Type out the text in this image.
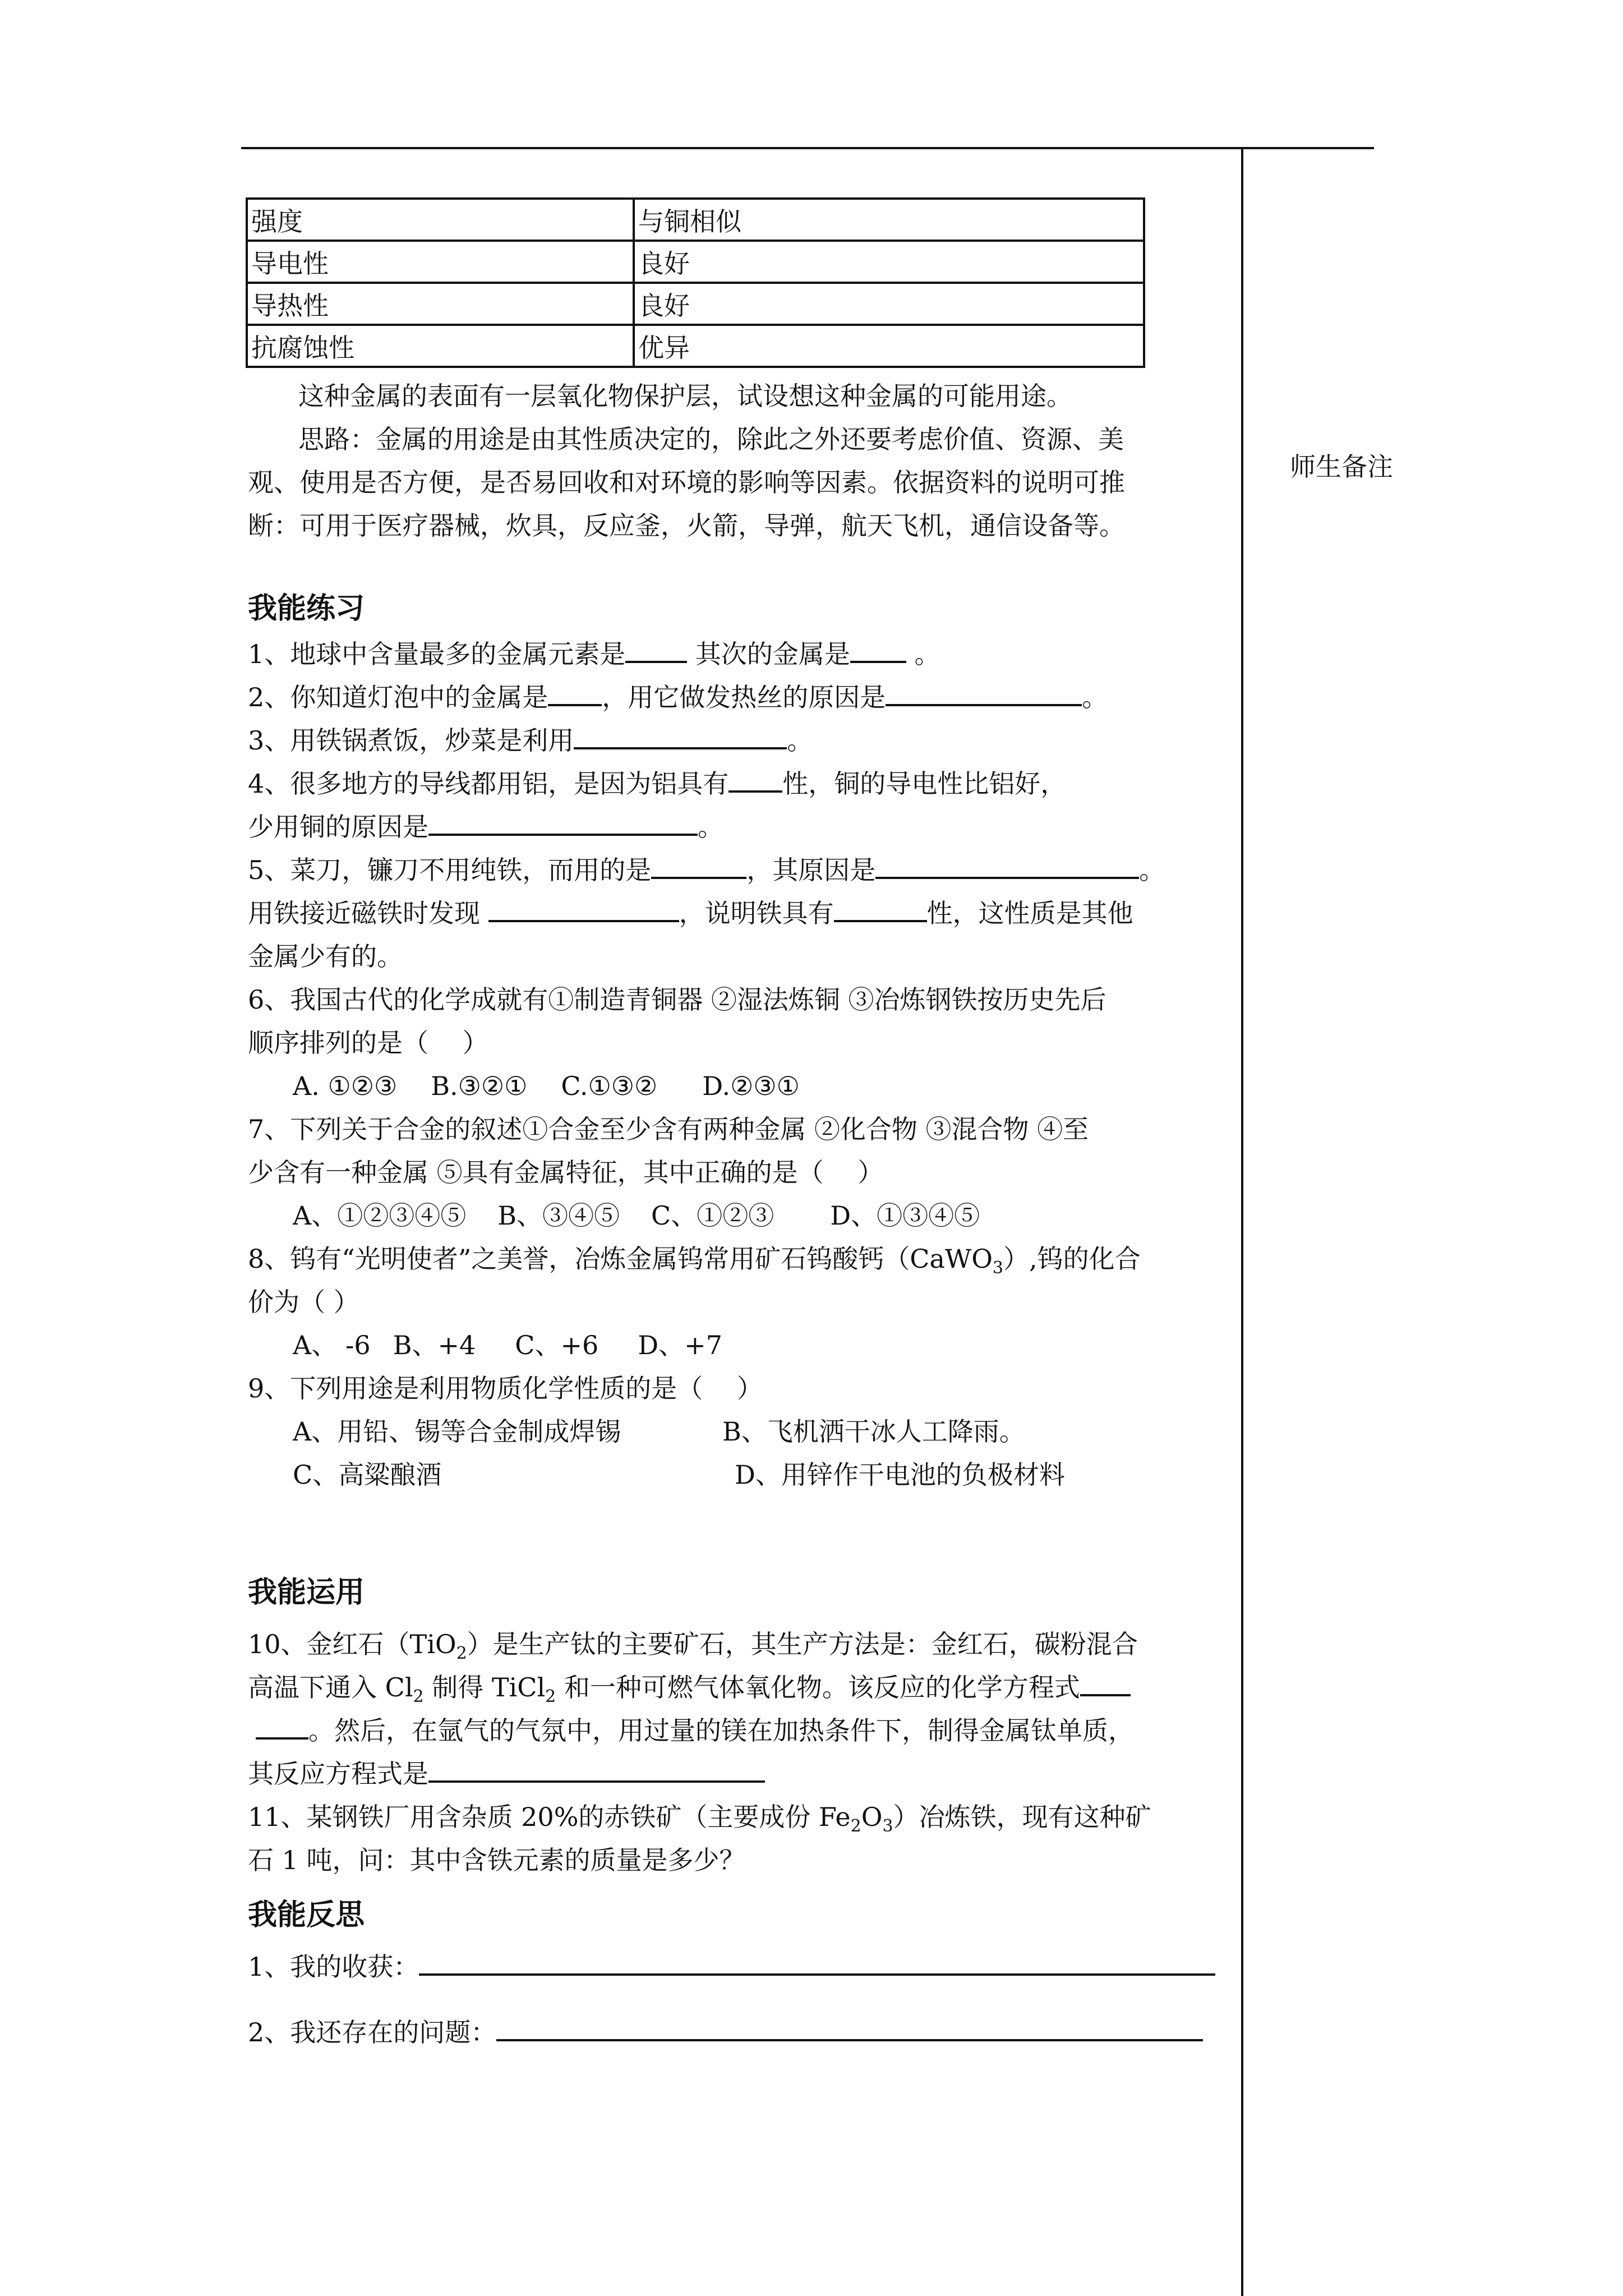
强度	与铜相似
导电性	良好
导热性	良好
抗腐蚀性	优异
师生备注
这种金属的表面有一层氧化物保护层，试设想这种金属的可能用途。
思路：金属的用途是由其性质决定的，除此之外还要考虑价值、资源、美
观、使用是否方便，是否易回收和对环境的影响等因素。依据资料的说明可推
断：可用于医疗器械，炊具，反应釜，火箭，导弹，航天飞机，通信设备等。
我能练习
1、地球中含量最多的金属元素是 其次的金属是 。
2、你知道灯泡中的金属是 ，用它做发热丝的原因是	。
3、用铁锅煮饭，炒菜是利用	。
4、很多地方的导线都用铝，是因为铝具有 性，铜的导电性比铝好，
少用铜的原因是	。
5、菜刀，镰刀不用纯铁，而用的是	，其原因是	。
用铁接近磁铁时发现	，说明铁具有	性，这性质是其他
金属少有的。
6、我国古代的化学成就有①制造青铜器 ②湿法炼铜 ③冶炼钢铁按历史先后
顺序排列的是（　 ）
A. ①②③ B.③②① C.①③② D.②③①
7、下列关于合金的叙述①合金至少含有两种金属 ②化合物 ③混合物 ④至
少含有一种金属 ⑤具有金属特征，其中正确的是（　 ）
A、①②③④⑤ B、③④⑤ C、①②③ D、①③④⑤
8、钨有“光明使者”之美誉，冶炼金属钨常用矿石钨酸钙（CaWO$_3$）,钨的化合
价为（ ）
A、 -6 B、+4 C、+6 D、+7
9、下列用途是利用物质化学性质的是（　 ）
A、用铅、锡等合金制成焊锡	B、飞机洒干冰人工降雨。
C、高粱酿酒	D、用锌作干电池的负极材料
我能运用
10、金红石（TiO$_2$）是生产钛的主要矿石，其生产方法是：金红石，碳粉混合
高温下通入 $Cl_2$ 制得 TiCl$_2$ 和一种可燃气体氧化物。该反应的化学方程式
。然后，在氩气的气氛中，用过量的镁在加热条件下，制得金属钛单质，
其反应方程式是
11、某钢铁厂用含杂质 20%的赤铁矿（主要成份 $Fe_2O_3$）冶炼铁，现有这种矿
石 1 吨，问：其中含铁元素的质量是多少？
我能反思
1、我的收获：
2、我还存在的问题：
